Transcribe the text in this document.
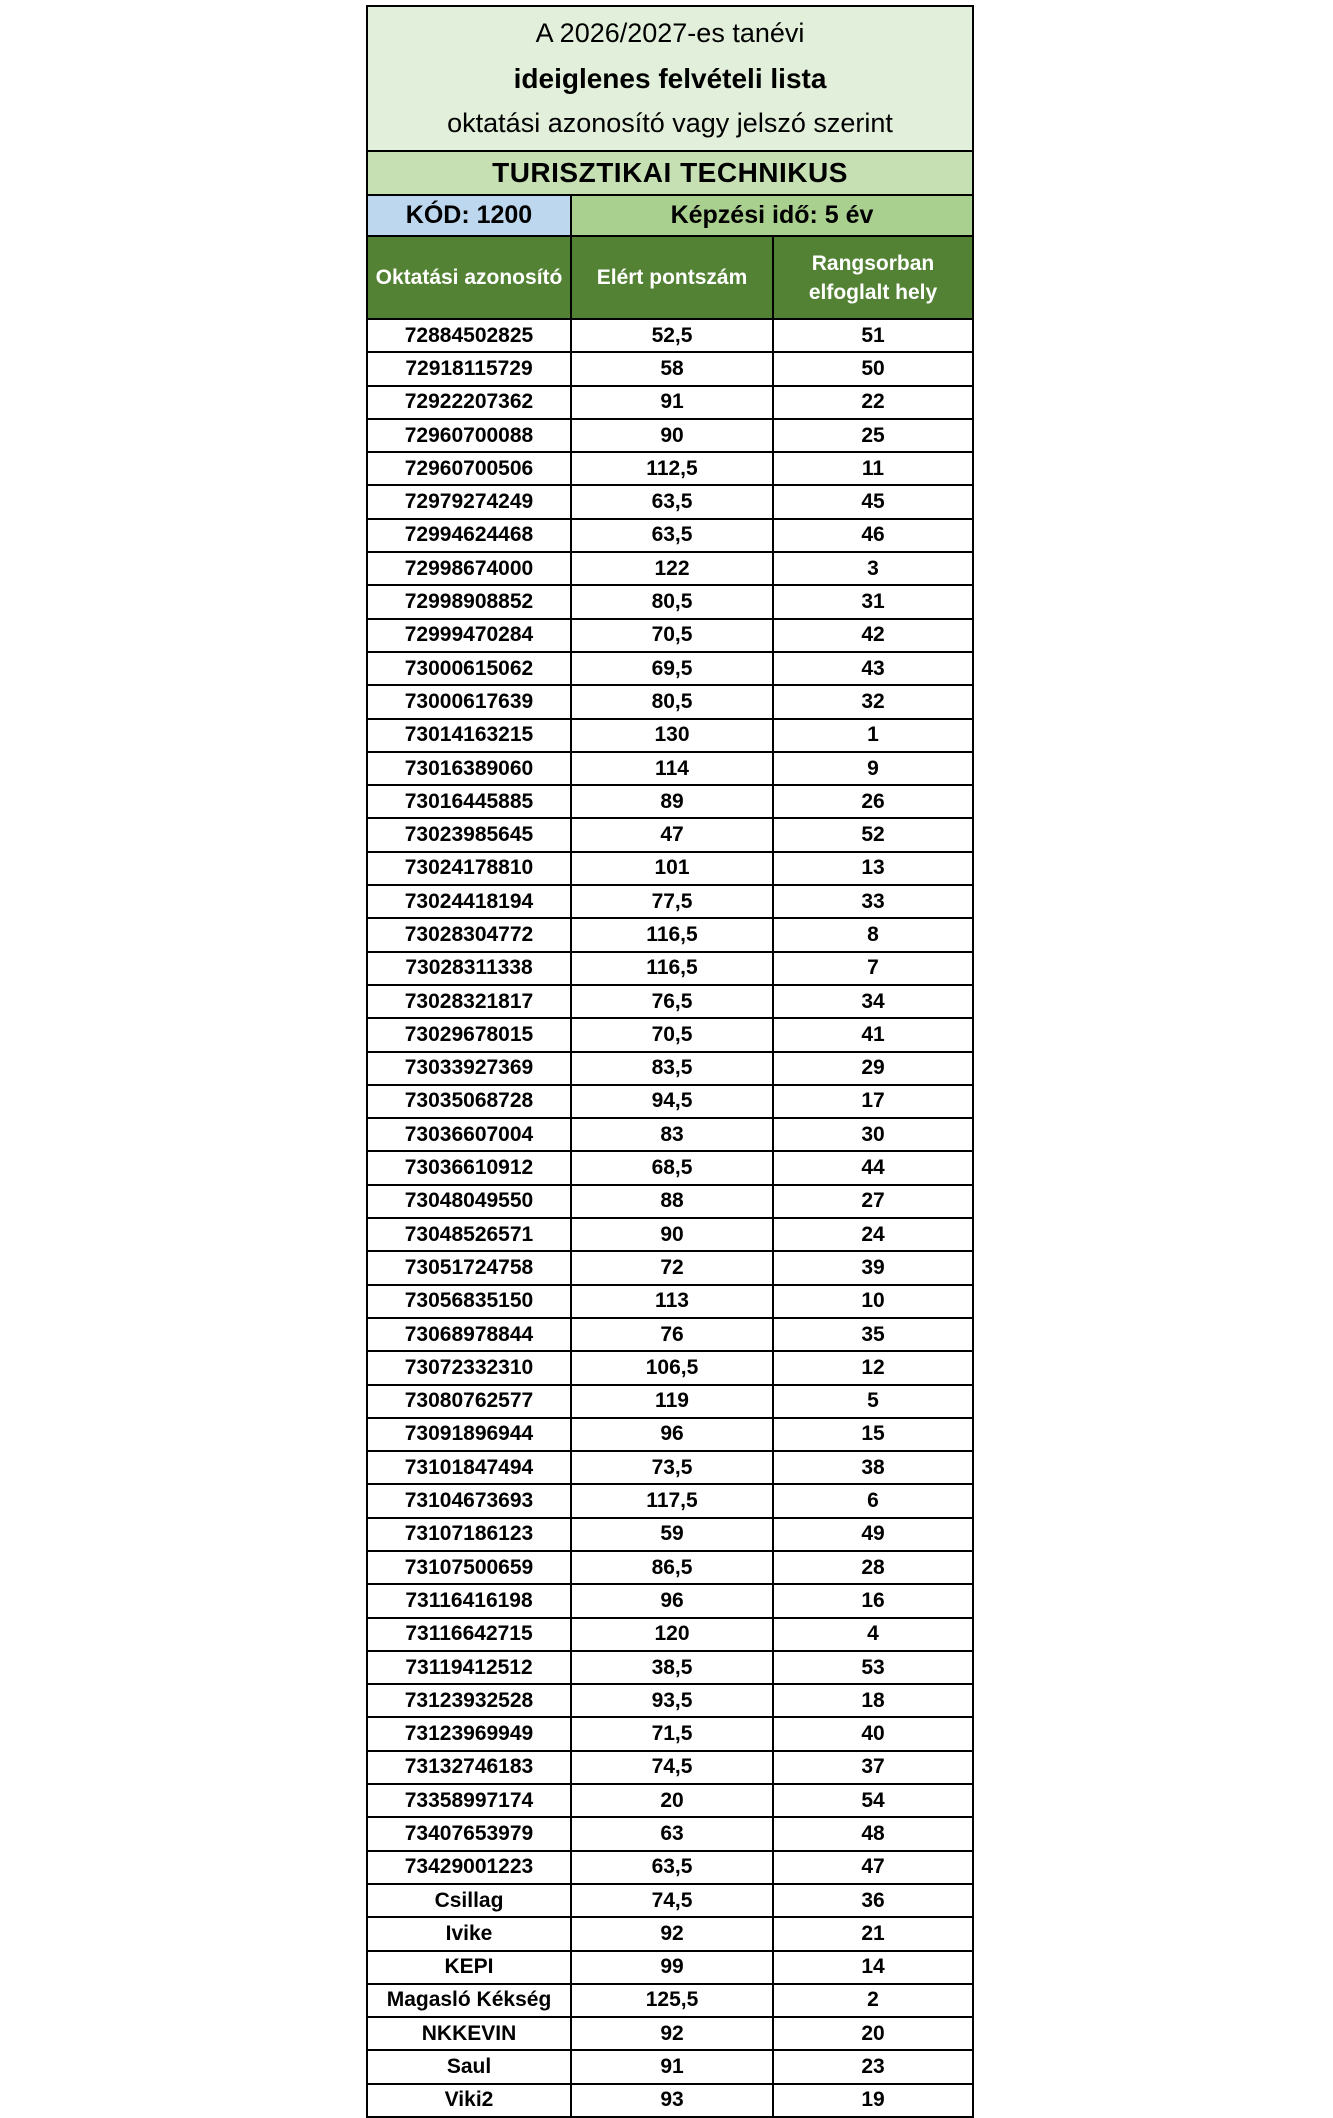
A 2026/2027-es tanévi
ideiglenes felvételi lista
oktatási azonosító vagy jelszó szerint		

TURISZTIKAI TECHNIKUS		
KÓD: 1200	Képzési idő: 5 év	
Oktatási azonosító	Elért pontszám	Rangsorban elfoglalt hely
72884502825	52,5	51
72918115729	58	50
72922207362	91	22
72960700088	90	25
72960700506	112,5	11
72979274249	63,5	45
72994624468	63,5	46
72998674000	122	3
72998908852	80,5	31
72999470284	70,5	42
73000615062	69,5	43
73000617639	80,5	32
73014163215	130	1
73016389060	114	9
73016445885	89	26
73023985645	47	52
73024178810	101	13
73024418194	77,5	33
73028304772	116,5	8
73028311338	116,5	7
73028321817	76,5	34
73029678015	70,5	41
73033927369	83,5	29
73035068728	94,5	17
73036607004	83	30
73036610912	68,5	44
73048049550	88	27
73048526571	90	24
73051724758	72	39
73056835150	113	10
73068978844	76	35
73072332310	106,5	12
73080762577	119	5
73091896944	96	15
73101847494	73,5	38
73104673693	117,5	6
73107186123	59	49
73107500659	86,5	28
73116416198	96	16
73116642715	120	4
73119412512	38,5	53
73123932528	93,5	18
73123969949	71,5	40
73132746183	74,5	37
73358997174	20	54
73407653979	63	48
73429001223	63,5	47
Csillag	74,5	36
Ivike	92	21
KEPI	99	14
Magasló Kékség	125,5	2
NKKEVIN	92	20
Saul	91	23
Viki2	93	19
